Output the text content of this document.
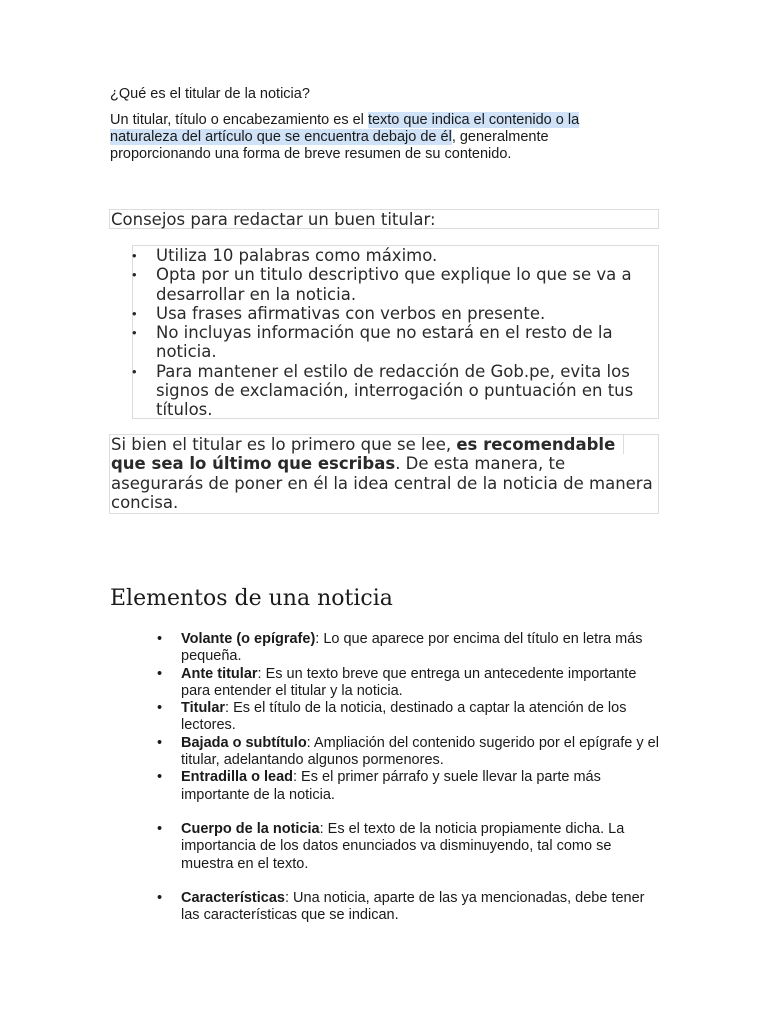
¿Qué es el titular de la noticia?

Un titular, título o encabezamiento es el texto que indica el contenido o la naturaleza del artículo que se encuentra debajo de él, generalmente proporcionando una forma de breve resumen de su contenido.

Consejos para redactar un buen titular:

• Utiliza 10 palabras como máximo.
• Opta por un titulo descriptivo que explique lo que se va a desarrollar en la noticia.
• Usa frases afirmativas con verbos en presente.
• No incluyas información que no estará en el resto de la noticia.
• Para mantener el estilo de redacción de Gob.pe, evita los signos de exclamación, interrogación o puntuación en tus títulos.

Si bien el titular es lo primero que se lee, es recomendable que sea lo último que escribas. De esta manera, te asegurarás de poner en él la idea central de la noticia de manera concisa.

Elementos de una noticia
• Volante (o epígrafe): Lo que aparece por encima del título en letra más pequeña.
• Ante titular: Es un texto breve que entrega un antecedente importante para entender el titular y la noticia.
• Titular: Es el título de la noticia, destinado a captar la atención de los lectores.
• Bajada o subtítulo: Ampliación del contenido sugerido por el epígrafe y el titular, adelantando algunos pormenores.
• Entradilla o lead: Es el primer párrafo y suele llevar la parte más importante de la noticia.
• Cuerpo de la noticia: Es el texto de la noticia propiamente dicha. La importancia de los datos enunciados va disminuyendo, tal como se muestra en el texto.
• Características: Una noticia, aparte de las ya mencionadas, debe tener las características que se indican.
